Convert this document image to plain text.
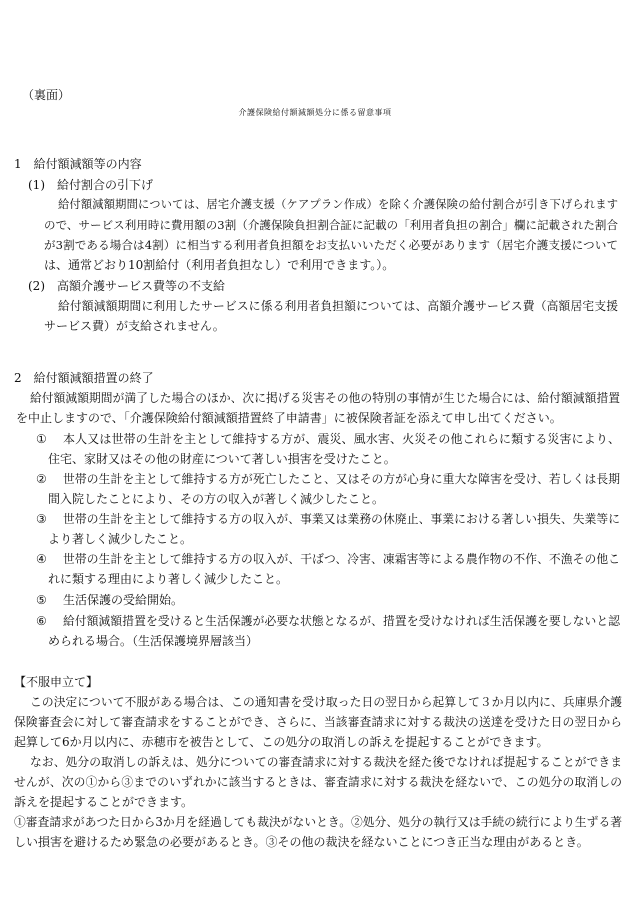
（裏面）
介護保険給付額減額処分に係る留意事項
1　給付額減額等の内容
(1)　給付割合の引下げ
給付額減額期間については、居宅介護支援（ケアプラン作成）を除く介護保険の給付割合が引き下げられます
ので、サービス利用時に費用額の3割（介護保険負担割合証に記載の「利用者負担の割合」欄に記載された割合
が3割である場合は4割）に相当する利用者負担額をお支払いいただく必要があります（居宅介護支援について
は、通常どおり10割給付（利用者負担なし）で利用できます。）。
(2)　高額介護サービス費等の不支給
給付額減額期間に利用したサービスに係る利用者負担額については、高額介護サービス費（高額居宅支援
サービス費）が支給されません。
2　給付額減額措置の終了
給付額減額期間が満了した場合のほか、次に掲げる災害その他の特別の事情が生じた場合には、給付額減額措置
を中止しますので、「介護保険給付額減額措置終了申請書」に被保険者証を添えて申し出てください。
① 本人又は世帯の生計を主として維持する方が、震災、風水害、火災その他これらに類する災害により、
住宅、家財又はその他の財産について著しい損害を受けたこと。
② 世帯の生計を主として維持する方が死亡したこと、又はその方が心身に重大な障害を受け、若しくは長期
間入院したことにより、その方の収入が著しく減少したこと。
③ 世帯の生計を主として維持する方の収入が、事業又は業務の休廃止、事業における著しい損失、失業等に
より著しく減少したこと。
④ 世帯の生計を主として維持する方の収入が、干ばつ、冷害、凍霜害等による農作物の不作、不漁その他こ
れに類する理由により著しく減少したこと。
⑤ 生活保護の受給開始。
⑥ 給付額減額措置を受けると生活保護が必要な状態となるが、措置を受けなければ生活保護を要しないと認
められる場合。（生活保護境界層該当）
【不服申立て】
この決定について不服がある場合は、この通知書を受け取った日の翌日から起算して３か月以内に、兵庫県介護
保険審査会に対して審査請求をすることができ、さらに、当該審査請求に対する裁決の送達を受けた日の翌日から
起算して6か月以内に、赤穂市を被告として、この処分の取消しの訴えを提起することができます。
なお、処分の取消しの訴えは、処分についての審査請求に対する裁決を経た後でなければ提起することができま
せんが、次の①から③までのいずれかに該当するときは、審査請求に対する裁決を経ないで、この処分の取消しの
訴えを提起することができます。
①審査請求があつた日から3か月を経過しても裁決がないとき。②処分、処分の執行又は手続の続行により生ずる著
しい損害を避けるため緊急の必要があるとき。③その他の裁決を経ないことにつき正当な理由があるとき。
